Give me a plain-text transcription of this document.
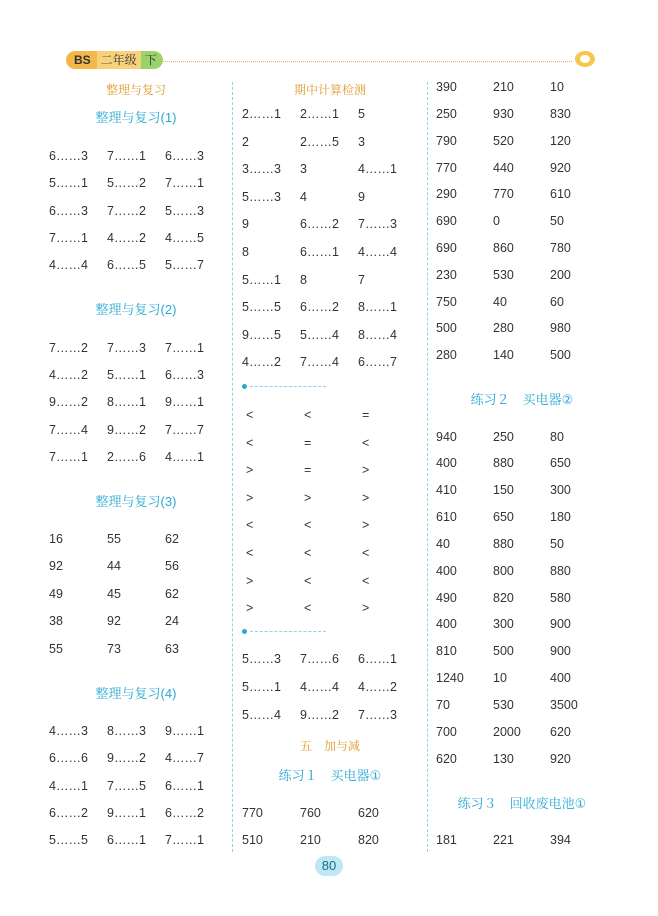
BS 二年级 下
整理与复习
整理与复习(1)
6……3 7……1 6……3
5……1 5……2 7……1
6……3 7……2 5……3
7……1 4……2 4……5
4……4 6……5 5……7
整理与复习(2)
7……2 7……3 7……1
4……2 5……1 6……3
9……2 8……1 9……1
7……4 9……2 7……7
7……1 2……6 4……1
整理与复习(3)
16	55	62
92	44	56
49	45	62
38	92	24
55	73	63
整理与复习(4)
4……3 8……3 9……1
6……6 9……2 4……7
4……1 7……5 6……1
6……2 9……1 6……2
5……5 6……1 7……1
期中计算检测
2……1 2……1 5
2	2……5 3
3……3 3	4……1
5……3 4	9
9	6……2 7……3
8	6……1 4……4
5……1 8	7
5……5 6……2 8……1
9……5 5……4 8……4
4……2 7……4 6……7
<	<	=
<	=	<
>	=	>
>	>	>
<	<	>
<	<	<
>	<	<
>	<	>
5……3 7……6 6……1
5……1 4……4 4……2
5……4 9……2 7……3
五　加与减
练习１　买电器①
770	760	620
510	210	820
390	210	10
250	930	830
790	520	120
770	440	920
290	770	610
690	0	50
690	860	780
230	530	200
750	40	60
500	280	980
280	140	500
练习２　买电器②
940	250	80
400	880	650
410	150	300
610	650	180
40	880	50
400	800	880
490	820	580
400	300	900
810	500	900
1240 10	400
70	530	3500
700	2000 620
620	130	920
练习３　回收废电池①
181	221	394
80
